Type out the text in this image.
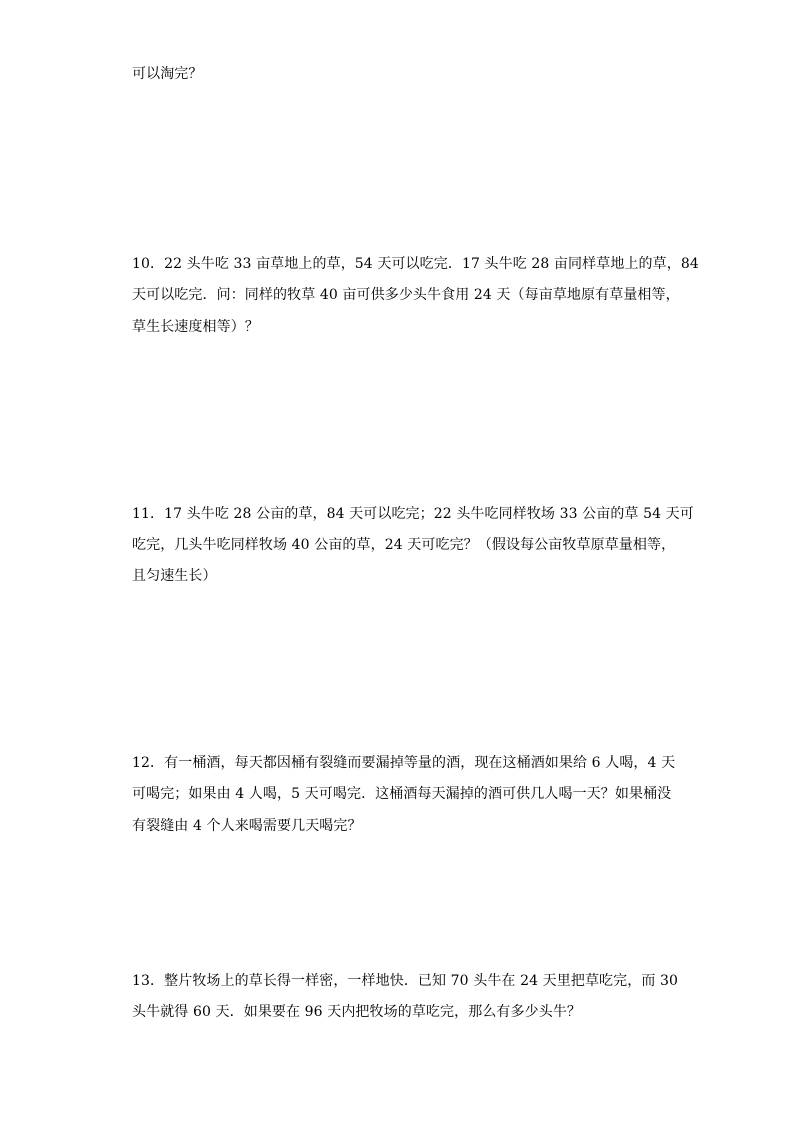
可以淘完？
10．22 头牛吃 33 亩草地上的草，54 天可以吃完．17 头牛吃 28 亩同样草地上的草，84
天可以吃完．问：同样的牧草 40 亩可供多少头牛食用 24 天（每亩草地原有草量相等，
草生长速度相等）？
11．17 头牛吃 28 公亩的草，84 天可以吃完；22 头牛吃同样牧场 33 公亩的草 54 天可
吃完，几头牛吃同样牧场 40 公亩的草，24 天可吃完？（假设每公亩牧草原草量相等，
且匀速生长）
12．有一桶酒，每天都因桶有裂缝而要漏掉等量的酒，现在这桶酒如果给 6 人喝，4 天
可喝完；如果由 4 人喝，5 天可喝完．这桶酒每天漏掉的酒可供几人喝一天？如果桶没
有裂缝由 4 个人来喝需要几天喝完？
13．整片牧场上的草长得一样密，一样地快．已知 70 头牛在 24 天里把草吃完，而 30
头牛就得 60 天．如果要在 96 天内把牧场的草吃完，那么有多少头牛？
